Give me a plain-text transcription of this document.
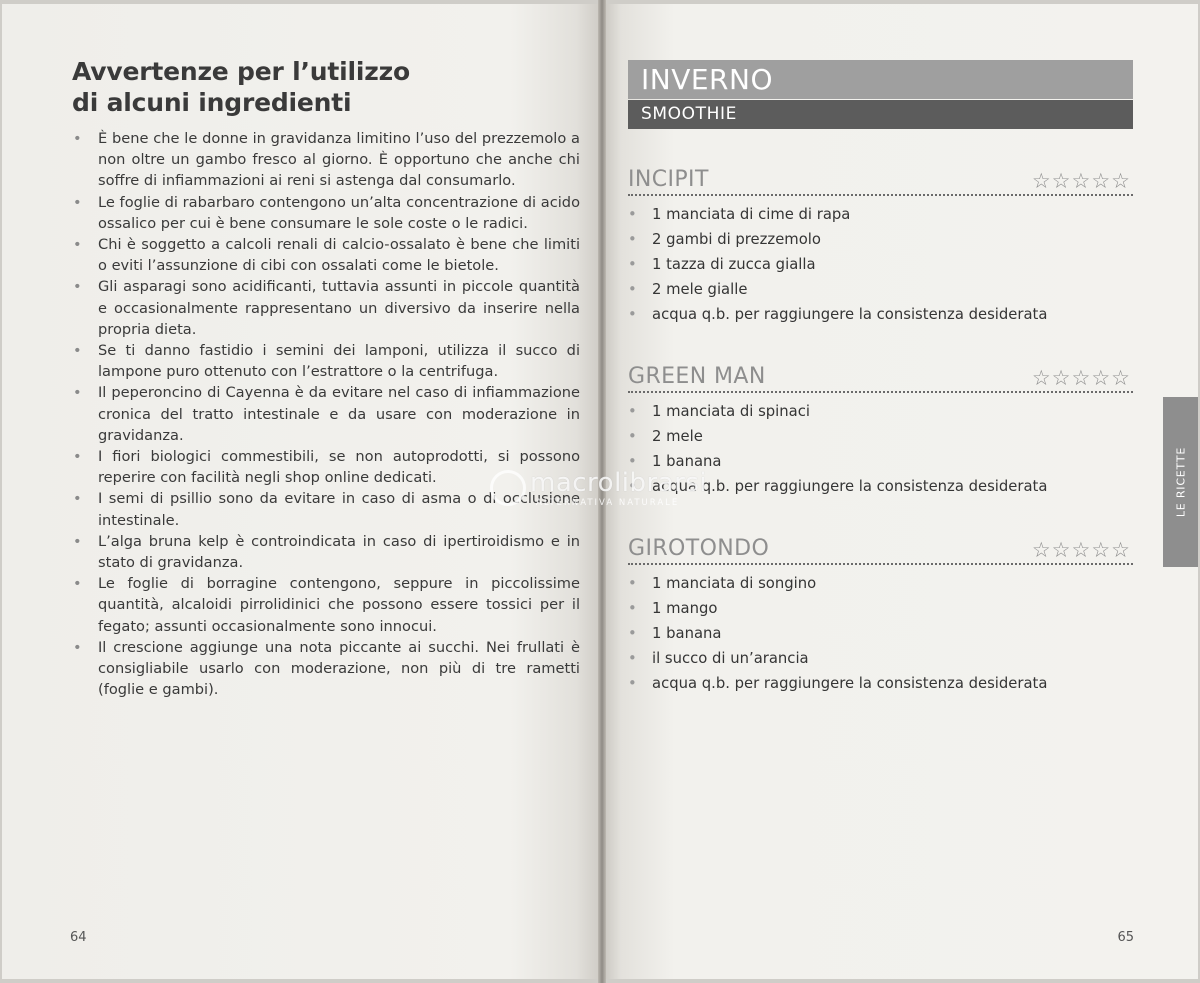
Avvertenze per l’utilizzo
di alcuni ingredienti
• È bene che le donne in gravidanza limitino l’uso del prezzemolo a non oltre un gambo fresco al giorno. È opportuno che anche chi soffre di infiammazioni ai reni si astenga dal consumarlo.
• Le foglie di rabarbaro contengono un’alta concentrazione di acido ossalico per cui è bene consumare le sole coste o le radici.
• Chi è soggetto a calcoli renali di calcio-ossalato è bene che limiti o eviti l’assunzione di cibi con ossalati come le bietole.
• Gli asparagi sono acidificanti, tuttavia assunti in piccole quantità e occasionalmente rappresentano un diversivo da inserire nella propria dieta.
• Se ti danno fastidio i semini dei lamponi, utilizza il succo di lampone puro ottenuto con l’estrattore o la centrifuga.
• Il peperoncino di Cayenna è da evitare nel caso di infiammazione cronica del tratto intestinale e da usare con moderazione in gravidanza.
• I fiori biologici commestibili, se non autoprodotti, si possono reperire con facilità negli shop online dedicati.
• I semi di psillio sono da evitare in caso di asma o di occlusione intestinale.
• L’alga bruna kelp è controindicata in caso di ipertiroidismo e in stato di gravidanza.
• Le foglie di borragine contengono, seppure in piccolissime quantità, alcaloidi pirrolidinici che possono essere tossici per il fegato; assunti occasionalmente sono innocui.
• Il crescione aggiunge una nota piccante ai succhi. Nei frullati è consigliabile usarlo con moderazione, non più di tre rametti (foglie e gambi).
64
INVERNO
SMOOTHIE
INCIPIT	☆☆☆☆☆
• 1 manciata di cime di rapa
• 2 gambi di prezzemolo
• 1 tazza di zucca gialla
• 2 mele gialle
• acqua q.b. per raggiungere la consistenza desiderata
GREEN MAN	☆☆☆☆☆
• 1 manciata di spinaci
• 2 mele
• 1 banana
• acqua q.b. per raggiungere la consistenza desiderata
GIROTONDO	☆☆☆☆☆
• 1 manciata di songino
• 1 mango
• 1 banana
• il succo di un’arancia
• acqua q.b. per raggiungere la consistenza desiderata
LE RICETTE
65
macrolibrarsi
ALTERNATIVA NATURALE
